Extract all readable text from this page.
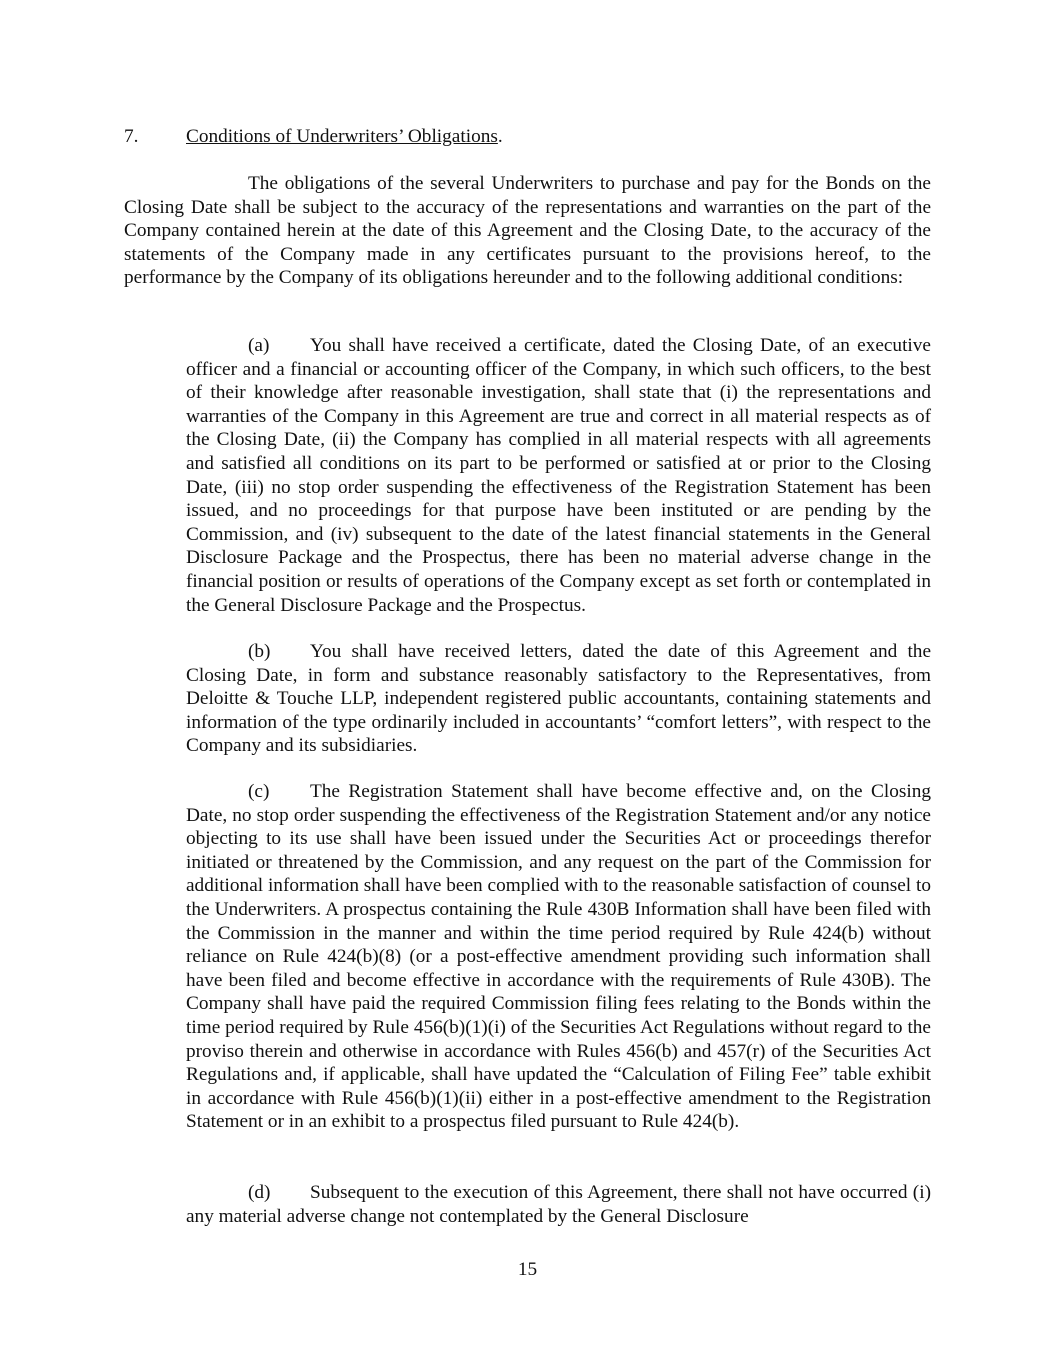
7. Conditions of Underwriters’ Obligations.

The obligations of the several Underwriters to purchase and pay for the Bonds on the Closing Date shall be subject to the accuracy of the representations and warranties on the part of the Company contained herein at the date of this Agreement and the Closing Date, to the accuracy of the statements of the Company made in any certificates pursuant to the provisions hereof, to the performance by the Company of its obligations hereunder and to the following additional conditions:

(a) You shall have received a certificate, dated the Closing Date, of an executive officer and a financial or accounting officer of the Company, in which such officers, to the best of their knowledge after reasonable investigation, shall state that (i) the representations and warranties of the Company in this Agreement are true and correct in all material respects as of the Closing Date, (ii) the Company has complied in all material respects with all agreements and satisfied all conditions on its part to be performed or satisfied at or prior to the Closing Date, (iii) no stop order suspending the effectiveness of the Registration Statement has been issued, and no proceedings for that purpose have been instituted or are pending by the Commission, and (iv) subsequent to the date of the latest financial statements in the General Disclosure Package and the Prospectus, there has been no material adverse change in the financial position or results of operations of the Company except as set forth or contemplated in the General Disclosure Package and the Prospectus.

(b) You shall have received letters, dated the date of this Agreement and the Closing Date, in form and substance reasonably satisfactory to the Representatives, from Deloitte & Touche LLP, independent registered public accountants, containing statements and information of the type ordinarily included in accountants’ “comfort letters”, with respect to the Company and its subsidiaries.

(c) The Registration Statement shall have become effective and, on the Closing Date, no stop order suspending the effectiveness of the Registration Statement and/or any notice objecting to its use shall have been issued under the Securities Act or proceedings therefor initiated or threatened by the Commission, and any request on the part of the Commission for additional information shall have been complied with to the reasonable satisfaction of counsel to the Underwriters. A prospectus containing the Rule 430B Information shall have been filed with the Commission in the manner and within the time period required by Rule 424(b) without reliance on Rule 424(b)(8) (or a post-effective amendment providing such information shall have been filed and become effective in accordance with the requirements of Rule 430B). The Company shall have paid the required Commission filing fees relating to the Bonds within the time period required by Rule 456(b)(1)(i) of the Securities Act Regulations without regard to the proviso therein and otherwise in accordance with Rules 456(b) and 457(r) of the Securities Act Regulations and, if applicable, shall have updated the “Calculation of Filing Fee” table exhibit in accordance with Rule 456(b)(1)(ii) either in a post-effective amendment to the Registration Statement or in an exhibit to a prospectus filed pursuant to Rule 424(b).

(d) Subsequent to the execution of this Agreement, there shall not have occurred (i) any material adverse change not contemplated by the General Disclosure

15
